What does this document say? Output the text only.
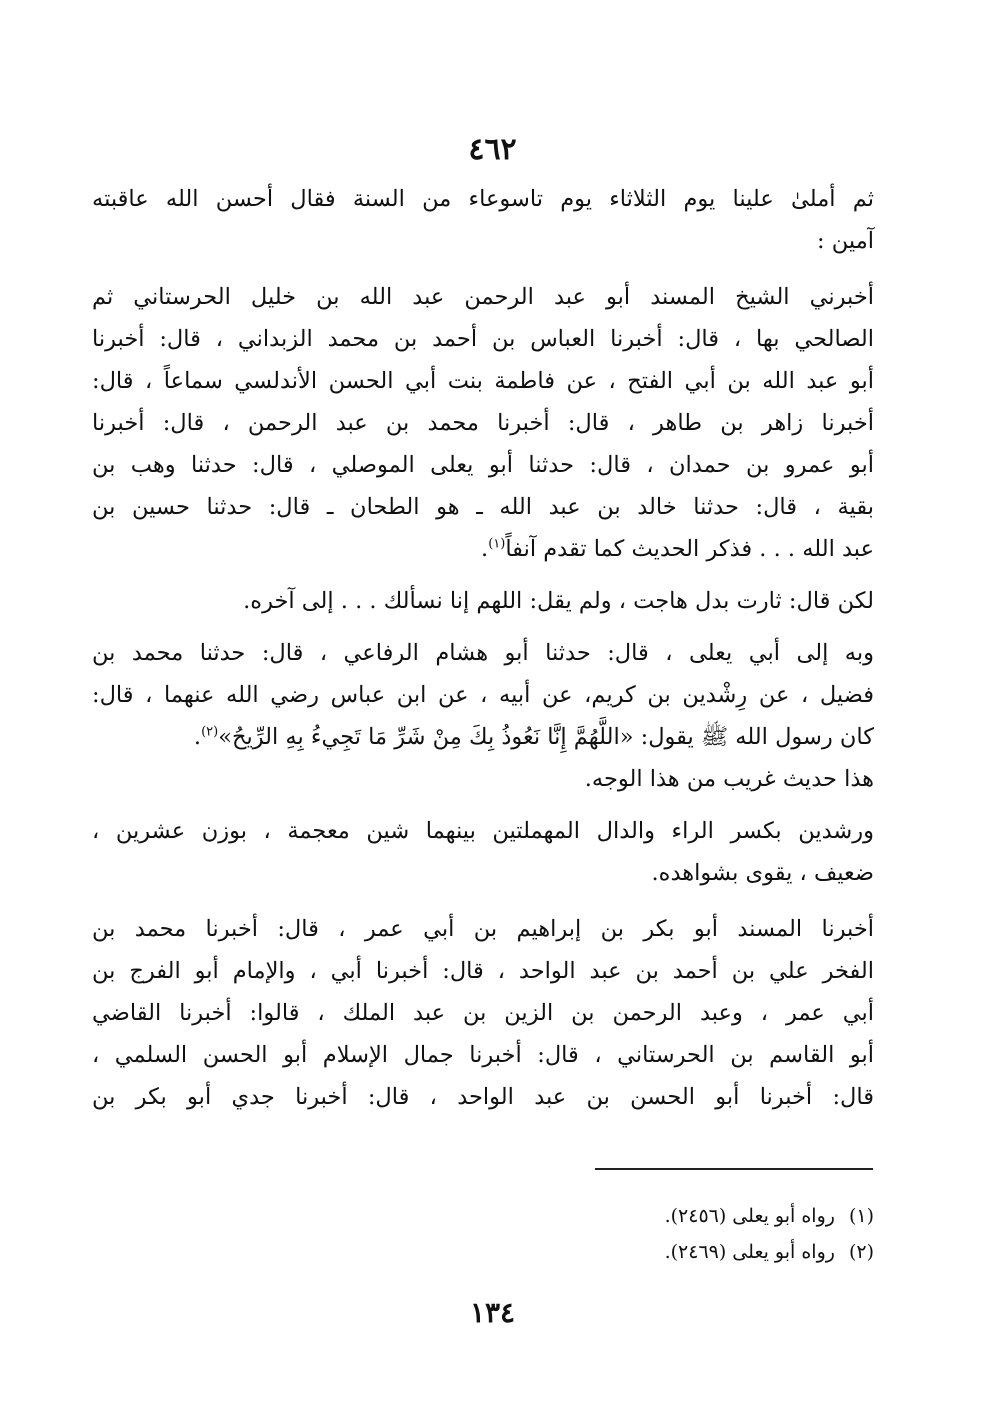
٤٦٢
ثم أملىٰ علينا يوم الثلاثاء يوم تاسوعاء من السنة فقال أحسن الله عاقبته
آمين :
أخبرني الشيخ المسند أبو عبد الرحمن عبد الله بن خليل الحرستاني ثم
الصالحي بها ، قال: أخبرنا العباس بن أحمد بن محمد الزبداني ، قال: أخبرنا
أبو عبد الله بن أبي الفتح ، عن فاطمة بنت أبي الحسن الأندلسي سماعاً ، قال:
أخبرنا زاهر بن طاهر ، قال: أخبرنا محمد بن عبد الرحمن ، قال: أخبرنا
أبو عمرو بن حمدان ، قال: حدثنا أبو يعلى الموصلي ، قال: حدثنا وهب بن
بقية ، قال: حدثنا خالد بن عبد الله ـ هو الطحان ـ قال: حدثنا حسين بن
عبد الله . . . فذكر الحديث كما تقدم آنفاً$^{(١)}$.
لكن قال: ثارت بدل هاجت ، ولم يقل: اللهم إنا نسألك . . . إلى آخره.
وبه إلى أبي يعلى ، قال: حدثنا أبو هشام الرفاعي ، قال: حدثنا محمد بن
فضيل ، عن رِشْدين بن كريم، عن أبيه ، عن ابن عباس رضي الله عنهما ، قال:
كان رسول الله ﷺ يقول: «اللَّهُمَّ إِنَّا نَعُوذُ بِكَ مِنْ شَرِّ مَا تَجِيءُ بِهِ الرِّيحُ»$^{(٢)}$.
هذا حديث غريب من هذا الوجه.
ورشدين بكسر الراء والدال المهملتين بينهما شين معجمة ، بوزن عشرين ،
ضعيف ، يقوى بشواهده.
أخبرنا المسند أبو بكر بن إبراهيم بن أبي عمر ، قال: أخبرنا محمد بن
الفخر علي بن أحمد بن عبد الواحد ، قال: أخبرنا أبي ، والإمام أبو الفرج بن
أبي عمر ، وعبد الرحمن بن الزين بن عبد الملك ، قالوا: أخبرنا القاضي
أبو القاسم بن الحرستاني ، قال: أخبرنا جمال الإسلام أبو الحسن السلمي ،
قال: أخبرنا أبو الحسن بن عبد الواحد ، قال: أخبرنا جدي أبو بكر بن
(١)رواه أبو يعلى (٢٤٥٦).
(٢)رواه أبو يعلى (٢٤٦٩).
١٣٤
